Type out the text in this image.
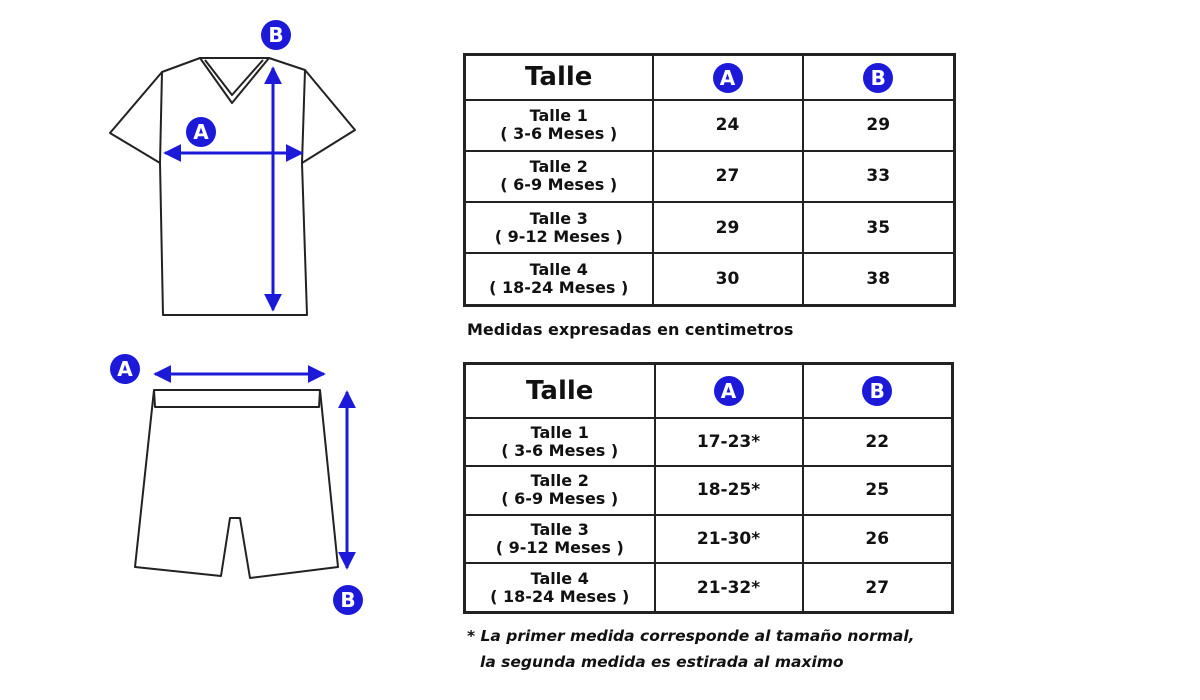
B
A
A
B
Talle	A	B

Talle 1
( 3-6 Meses )	24	29

Talle 2
( 6-9 Meses )	27	33

Talle 3
( 9-12 Meses )	29	35

Talle 4
( 18-24 Meses )	30	38

Medidas expresadas en centimetros

Talle	A	B

Talle 1
( 3-6 Meses )	17-23*	22

Talle 2
( 6-9 Meses )	18-25*	25

Talle 3
( 9-12 Meses )	21-30*	26

Talle 4
( 18-24 Meses )	21-32*	27

* La primer medida corresponde al tamaño normal,

la segunda medida es estirada al maximo
